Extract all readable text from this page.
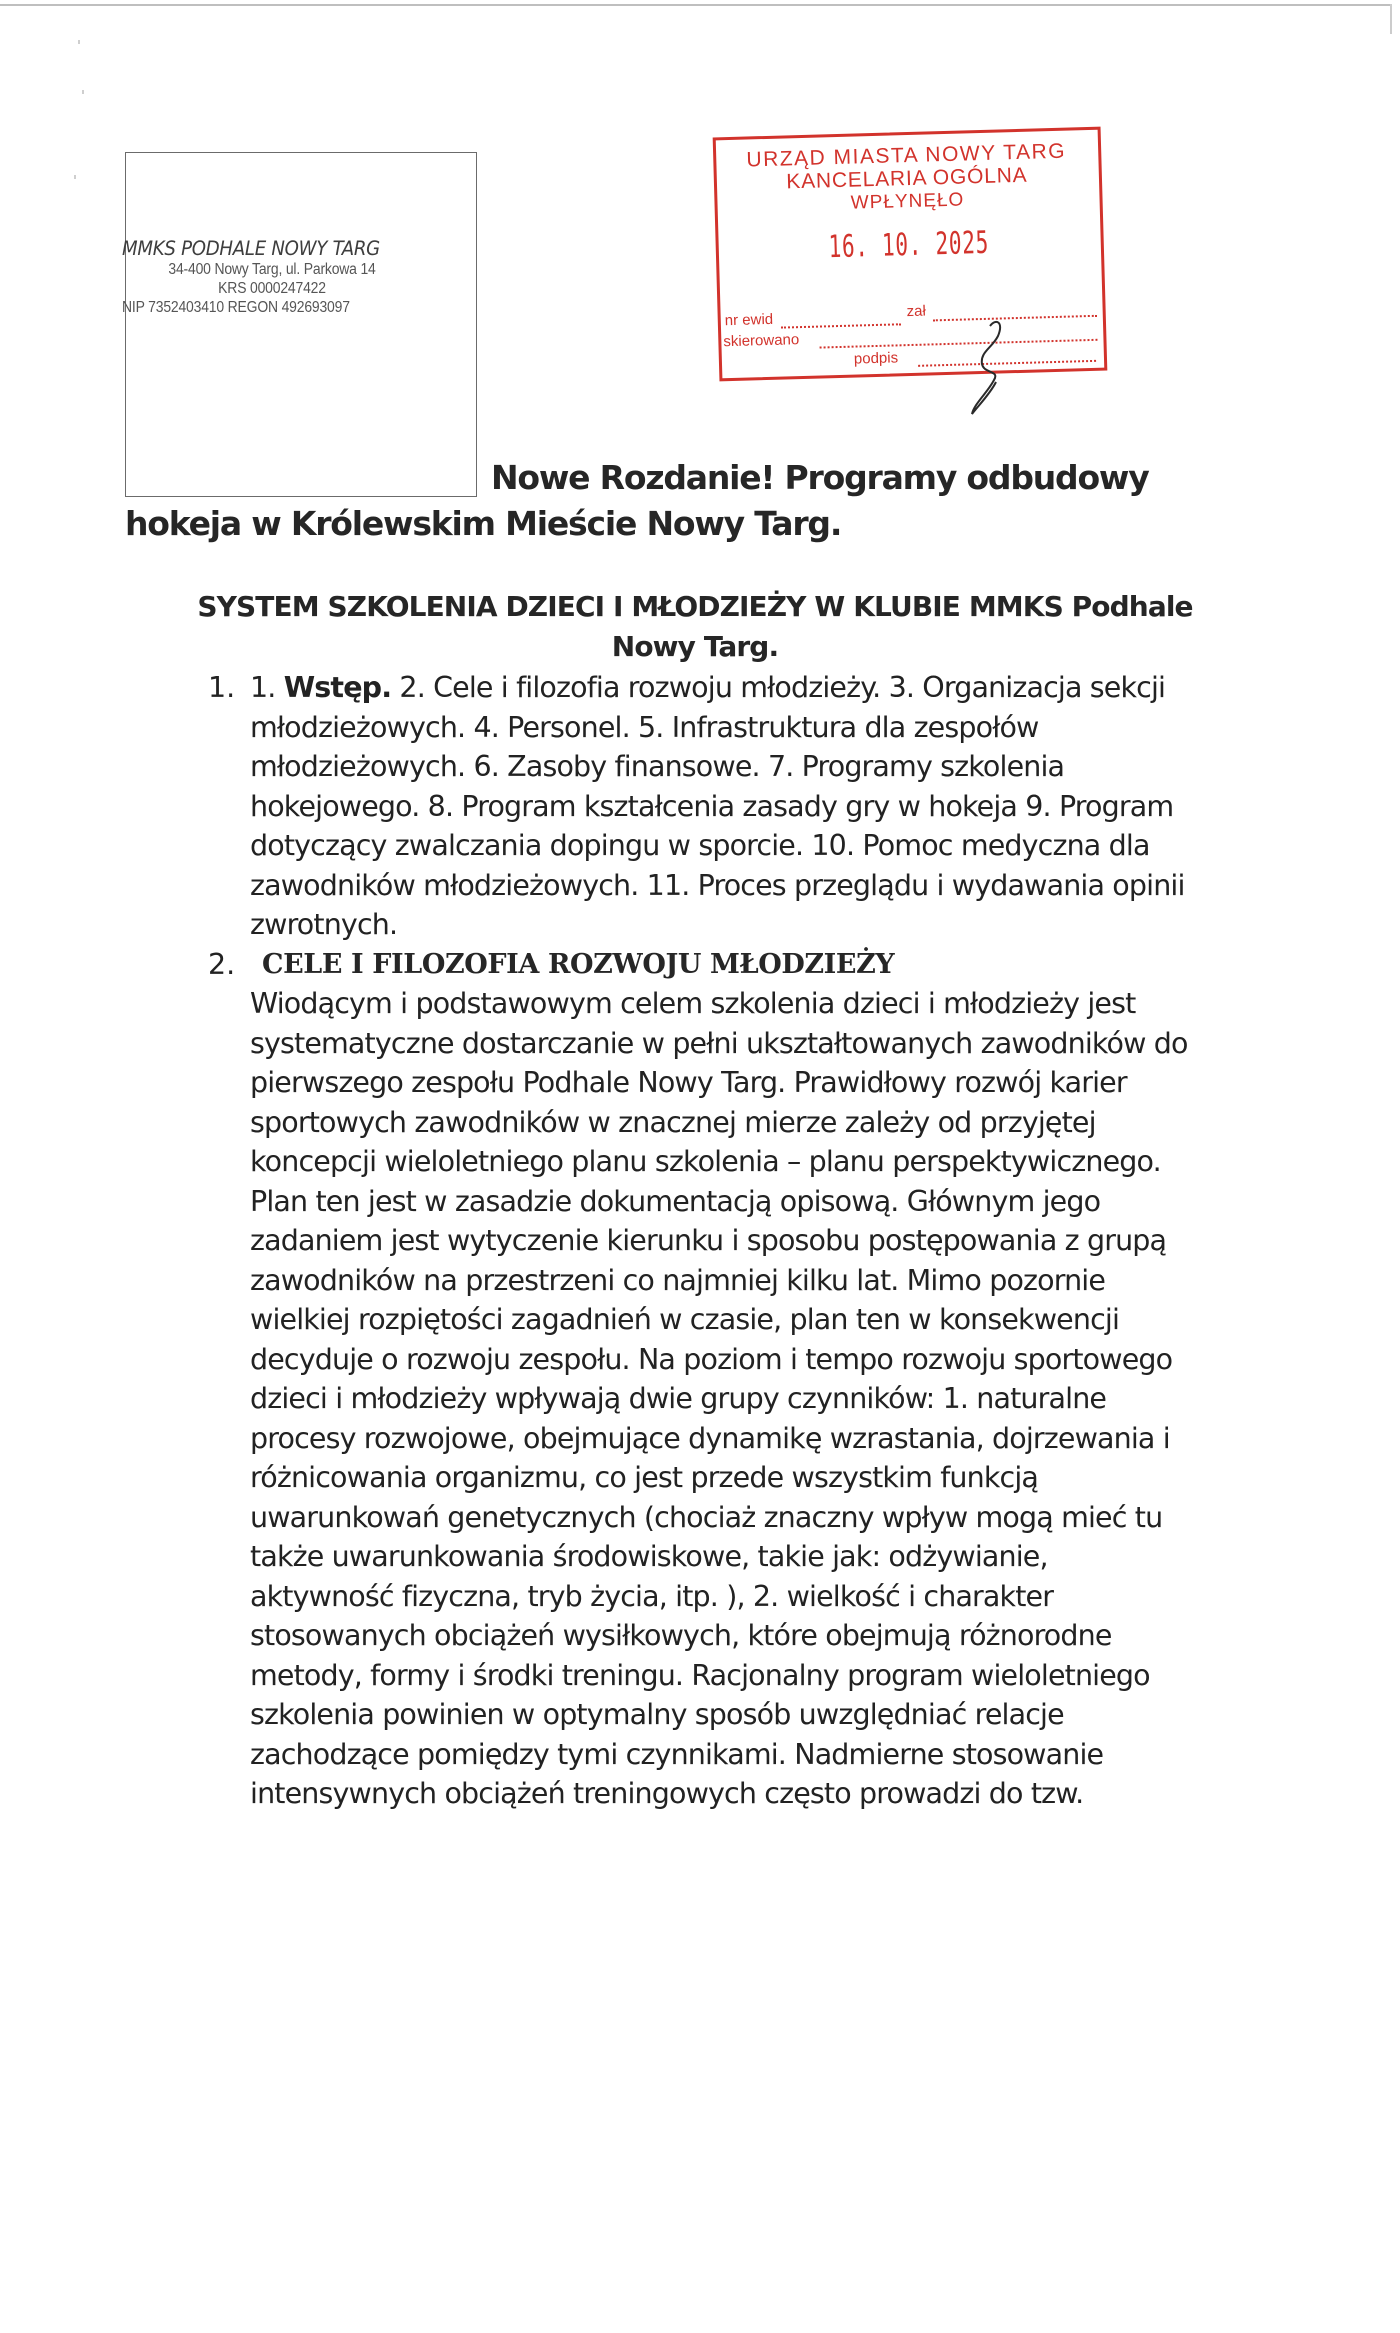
MMKS PODHALE NOWY TARG
34-400 Nowy Targ, ul. Parkowa 14
KRS 0000247422
NIP 7352403410 REGON 492693097
URZĄD MIASTA NOWY TARG
KANCELARIA OGÓLNA
WPŁYNĘŁO
16. 10. 2025
nr ewid	zał
skierowano
podpis
Nowe Rozdanie! Programy odbudowy
hokeja w Królewskim Mieście Nowy Targ.
SYSTEM SZKOLENIA DZIECI I MŁODZIEŻY W KLUBIE MMKS Podhale
Nowy Targ.
1. 1. Wstęp. 2. Cele i filozofia rozwoju młodzieży. 3. Organizacja sekcji
młodzieżowych. 4. Personel. 5. Infrastruktura dla zespołów
młodzieżowych. 6. Zasoby finansowe. 7. Programy szkolenia
hokejowego. 8. Program kształcenia zasady gry w hokeja 9. Program
dotyczący zwalczania dopingu w sporcie. 10. Pomoc medyczna dla
zawodników młodzieżowych. 11. Proces przeglądu i wydawania opinii
zwrotnych.
2. CELE I FILOZOFIA ROZWOJU MŁODZIEŻY
Wiodącym i podstawowym celem szkolenia dzieci i młodzieży jest
systematyczne dostarczanie w pełni ukształtowanych zawodników do
pierwszego zespołu Podhale Nowy Targ. Prawidłowy rozwój karier
sportowych zawodników w znacznej mierze zależy od przyjętej
koncepcji wieloletniego planu szkolenia – planu perspektywicznego.
Plan ten jest w zasadzie dokumentacją opisową. Głównym jego
zadaniem jest wytyczenie kierunku i sposobu postępowania z grupą
zawodników na przestrzeni co najmniej kilku lat. Mimo pozornie
wielkiej rozpiętości zagadnień w czasie, plan ten w konsekwencji
decyduje o rozwoju zespołu. Na poziom i tempo rozwoju sportowego
dzieci i młodzieży wpływają dwie grupy czynników: 1. naturalne
procesy rozwojowe, obejmujące dynamikę wzrastania, dojrzewania i
różnicowania organizmu, co jest przede wszystkim funkcją
uwarunkowań genetycznych (chociaż znaczny wpływ mogą mieć tu
także uwarunkowania środowiskowe, takie jak: odżywianie,
aktywność fizyczna, tryb życia, itp. ), 2. wielkość i charakter
stosowanych obciążeń wysiłkowych, które obejmują różnorodne
metody, formy i środki treningu. Racjonalny program wieloletniego
szkolenia powinien w optymalny sposób uwzględniać relacje
zachodzące pomiędzy tymi czynnikami. Nadmierne stosowanie
intensywnych obciążeń treningowych często prowadzi do tzw.
